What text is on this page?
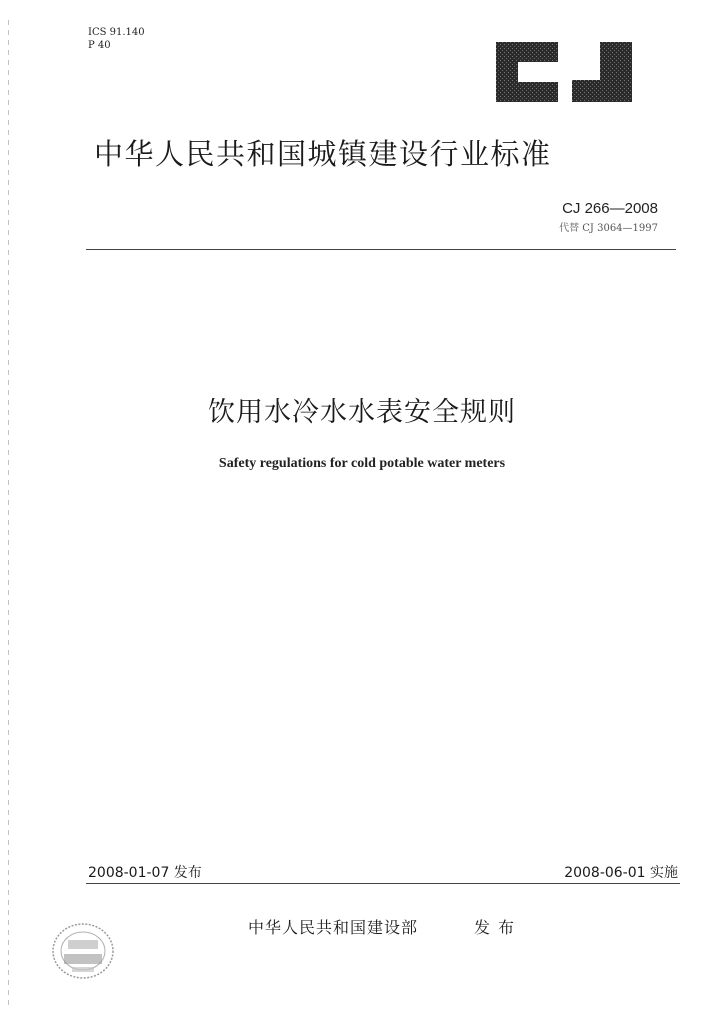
ICS 91.140
P 40
中华人民共和国城镇建设行业标准
CJ 266—2008
代替 CJ 3064—1997
饮用水冷水水表安全规则
Safety regulations for cold potable water meters
2008-01-07 发布	2008-06-01 实施
中华人民共和国建设部	发布
